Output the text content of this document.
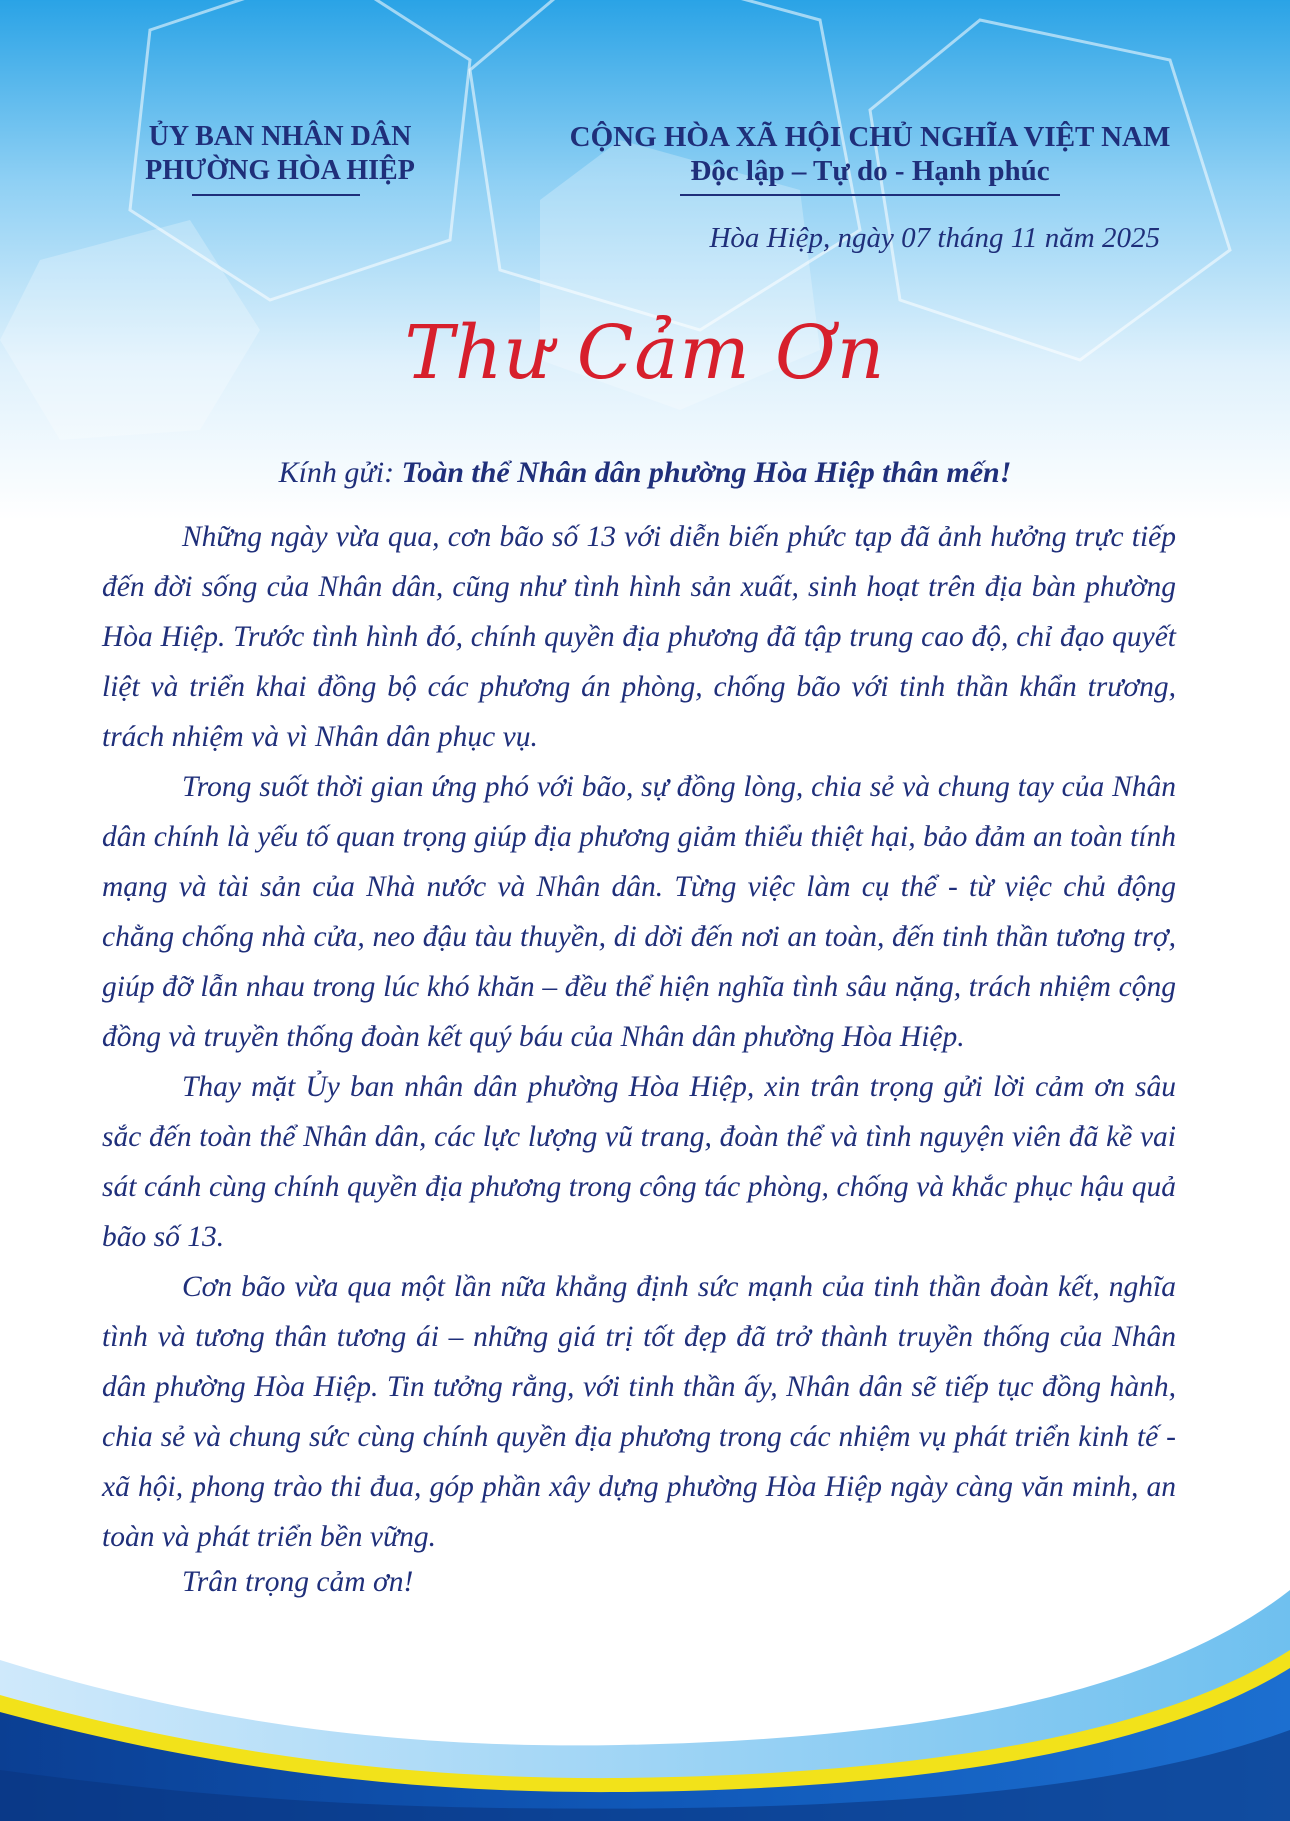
ỦY BAN NHÂN DÂN
PHƯỜNG HÒA HIỆP
CỘNG HÒA XÃ HỘI CHỦ NGHĨA VIỆT NAM
Độc lập – Tự do - Hạnh phúc
Hòa Hiệp, ngày 07 tháng 11 năm 2025
Thư Cảm Ơn
Kính gửi: Toàn thể Nhân dân phường Hòa Hiệp thân mến!

Những ngày vừa qua, cơn bão số 13 với diễn biến phức tạp đã ảnh hưởng trực tiếp đến đời sống của Nhân dân, cũng như tình hình sản xuất, sinh hoạt trên địa bàn phường Hòa Hiệp. Trước tình hình đó, chính quyền địa phương đã tập trung cao độ, chỉ đạo quyết liệt và triển khai đồng bộ các phương án phòng, chống bão với tinh thần khẩn trương, trách nhiệm và vì Nhân dân phục vụ.

Trong suốt thời gian ứng phó với bão, sự đồng lòng, chia sẻ và chung tay của Nhân dân chính là yếu tố quan trọng giúp địa phương giảm thiểu thiệt hại, bảo đảm an toàn tính mạng và tài sản của Nhà nước và Nhân dân. Từng việc làm cụ thể - từ việc chủ động chằng chống nhà cửa, neo đậu tàu thuyền, di dời đến nơi an toàn, đến tinh thần tương trợ, giúp đỡ lẫn nhau trong lúc khó khăn – đều thể hiện nghĩa tình sâu nặng, trách nhiệm cộng đồng và truyền thống đoàn kết quý báu của Nhân dân phường Hòa Hiệp.

Thay mặt Ủy ban nhân dân phường Hòa Hiệp, xin trân trọng gửi lời cảm ơn sâu sắc đến toàn thể Nhân dân, các lực lượng vũ trang, đoàn thể và tình nguyện viên đã kề vai sát cánh cùng chính quyền địa phương trong công tác phòng, chống và khắc phục hậu quả bão số 13.

Cơn bão vừa qua một lần nữa khẳng định sức mạnh của tinh thần đoàn kết, nghĩa tình và tương thân tương ái – những giá trị tốt đẹp đã trở thành truyền thống của Nhân dân phường Hòa Hiệp. Tin tưởng rằng, với tinh thần ấy, Nhân dân sẽ tiếp tục đồng hành, chia sẻ và chung sức cùng chính quyền địa phương trong các nhiệm vụ phát triển kinh tế - xã hội, phong trào thi đua, góp phần xây dựng phường Hòa Hiệp ngày càng văn minh, an toàn và phát triển bền vững.

Trân trọng cảm ơn!
